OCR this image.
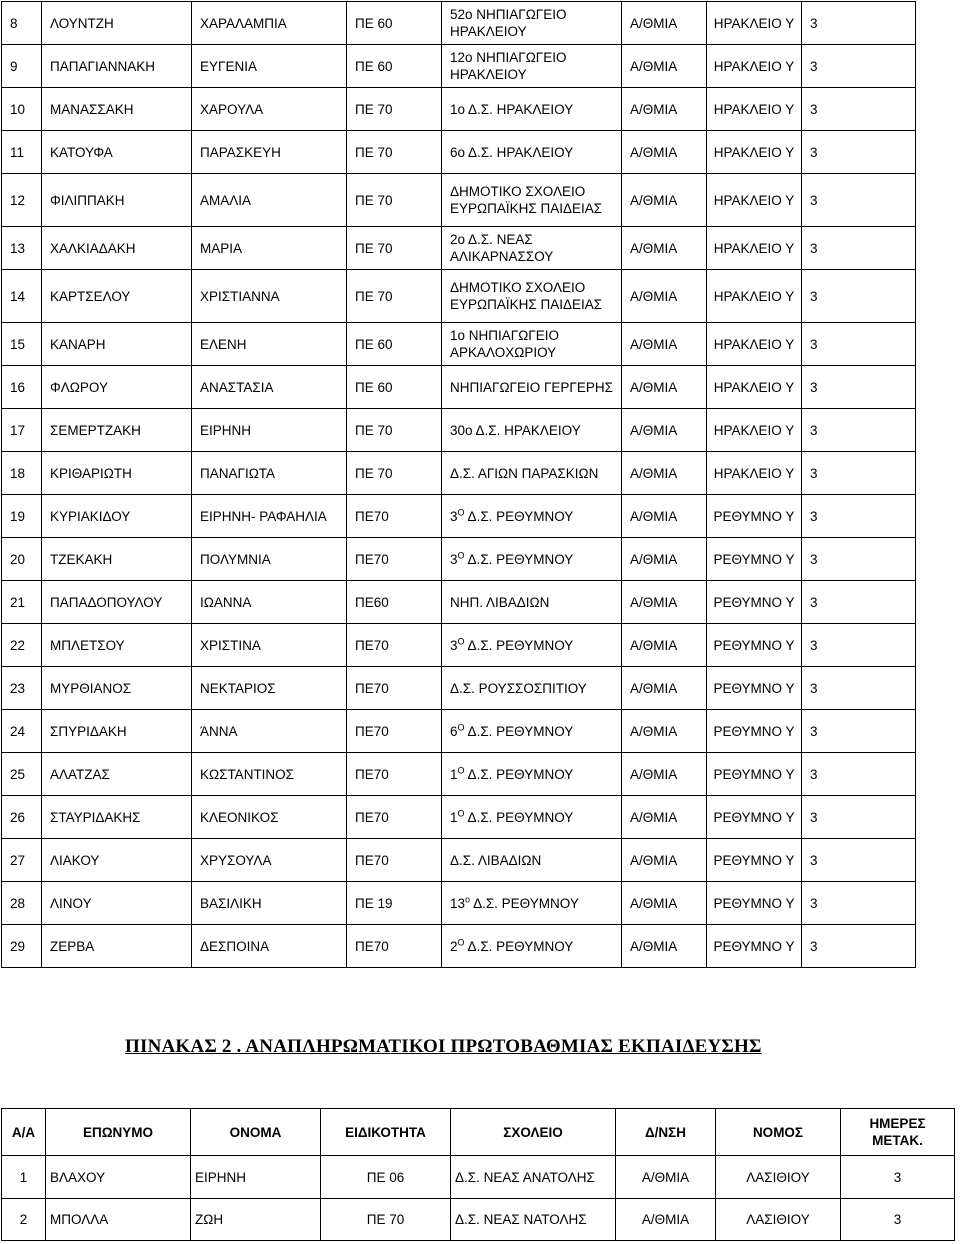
8	ΛΟΥΝΤΖΗ	ΧΑΡΑΛΑΜΠΙΑ	ΠΕ 60	52ο ΝΗΠΙΑΓΩΓΕΙΟ ΗΡΑΚΛΕΙΟΥ	Α/ΘΜΙΑ	ΗΡΑΚΛΕΙΟ Υ	3
9	ΠΑΠΑΓΙΑΝΝΑΚΗ	ΕΥΓΕΝΙΑ	ΠΕ 60	12ο ΝΗΠΙΑΓΩΓΕΙΟ ΗΡΑΚΛΕΙΟΥ	Α/ΘΜΙΑ	ΗΡΑΚΛΕΙΟ Υ	3
10	ΜΑΝΑΣΣΑΚΗ	ΧΑΡΟΥΛΑ	ΠΕ 70	1ο Δ.Σ. ΗΡΑΚΛΕΙΟΥ	Α/ΘΜΙΑ	ΗΡΑΚΛΕΙΟ Υ	3
11	ΚΑΤΟΥΦΑ	ΠΑΡΑΣΚΕΥΗ	ΠΕ 70	6ο Δ.Σ. ΗΡΑΚΛΕΙΟΥ	Α/ΘΜΙΑ	ΗΡΑΚΛΕΙΟ Υ	3
12	ΦΙΛΙΠΠΑΚΗ	ΑΜΑΛΙΑ	ΠΕ 70	ΔΗΜΟΤΙΚΟ ΣΧΟΛΕΙΟ ΕΥΡΩΠΑΪΚΗΣ ΠΑΙΔΕΙΑΣ	Α/ΘΜΙΑ	ΗΡΑΚΛΕΙΟ Υ	3
13	ΧΑΛΚΙΑΔΑΚΗ	ΜΑΡΙΑ	ΠΕ 70	2ο Δ.Σ. ΝΕΑΣ ΑΛΙΚΑΡΝΑΣΣΟΥ	Α/ΘΜΙΑ	ΗΡΑΚΛΕΙΟ Υ	3
14	ΚΑΡΤΣΕΛΟΥ	ΧΡΙΣΤΙΑΝΝΑ	ΠΕ 70	ΔΗΜΟΤΙΚΟ ΣΧΟΛΕΙΟ ΕΥΡΩΠΑΪΚΗΣ ΠΑΙΔΕΙΑΣ	Α/ΘΜΙΑ	ΗΡΑΚΛΕΙΟ Υ	3
15	ΚΑΝΑΡΗ	ΕΛΕΝΗ	ΠΕ 60	1ο ΝΗΠΙΑΓΩΓΕΙΟ ΑΡΚΑΛΟΧΩΡΙΟΥ	Α/ΘΜΙΑ	ΗΡΑΚΛΕΙΟ Υ	3
16	ΦΛΩΡΟΥ	ΑΝΑΣΤΑΣΙΑ	ΠΕ 60	ΝΗΠΙΑΓΩΓΕΙΟ ΓΕΡΓΕΡΗΣ	Α/ΘΜΙΑ	ΗΡΑΚΛΕΙΟ Υ	3
17	ΣΕΜΕΡΤΖΑΚΗ	ΕΙΡΗΝΗ	ΠΕ 70	30ο Δ.Σ. ΗΡΑΚΛΕΙΟΥ	Α/ΘΜΙΑ	ΗΡΑΚΛΕΙΟ Υ	3
18	ΚΡΙΘΑΡΙΩΤΗ	ΠΑΝΑΓΙΩΤΑ	ΠΕ 70	Δ.Σ. ΑΓΙΩΝ ΠΑΡΑΣΚΙΩΝ	Α/ΘΜΙΑ	ΗΡΑΚΛΕΙΟ Υ	3
19	ΚΥΡΙΑΚΙΔΟΥ	ΕΙΡΗΝΗ- ΡΑΦΑΗΛΙΑ	ΠΕ70	$3^O$ Δ.Σ. ΡΕΘΥΜΝΟΥ	Α/ΘΜΙΑ	ΡΕΘΥΜΝΟ Υ	3
20	ΤΖΕΚΑΚΗ	ΠΟΛΥΜΝΙΑ	ΠΕ70	$3^O$ Δ.Σ. ΡΕΘΥΜΝΟΥ	Α/ΘΜΙΑ	ΡΕΘΥΜΝΟ Υ	3
21	ΠΑΠΑΔΟΠΟΥΛΟΥ	ΙΩΑΝΝΑ	ΠΕ60	ΝΗΠ. ΛΙΒΑΔΙΩΝ	Α/ΘΜΙΑ	ΡΕΘΥΜΝΟ Υ	3
22	ΜΠΛΕΤΣΟΥ	ΧΡΙΣΤΙΝΑ	ΠΕ70	$3^O$ Δ.Σ. ΡΕΘΥΜΝΟΥ	Α/ΘΜΙΑ	ΡΕΘΥΜΝΟ Υ	3
23	ΜΥΡΘΙΑΝΟΣ	ΝΕΚΤΑΡΙΟΣ	ΠΕ70	Δ.Σ. ΡΟΥΣΣΟΣΠΙΤΙΟΥ	Α/ΘΜΙΑ	ΡΕΘΥΜΝΟ Υ	3
24	ΣΠΥΡΙΔΑΚΗ	ΆΝΝΑ	ΠΕ70	$6^O$ Δ.Σ. ΡΕΘΥΜΝΟΥ	Α/ΘΜΙΑ	ΡΕΘΥΜΝΟ Υ	3
25	ΑΛΑΤΖΑΣ	ΚΩΣΤΑΝΤΙΝΟΣ	ΠΕ70	$1^O$ Δ.Σ. ΡΕΘΥΜΝΟΥ	Α/ΘΜΙΑ	ΡΕΘΥΜΝΟ Υ	3
26	ΣΤΑΥΡΙΔΑΚΗΣ	ΚΛΕΟΝΙΚΟΣ	ΠΕ70	$1^O$ Δ.Σ. ΡΕΘΥΜΝΟΥ	Α/ΘΜΙΑ	ΡΕΘΥΜΝΟ Υ	3
27	ΛΙΑΚΟΥ	ΧΡΥΣΟΥΛΑ	ΠΕ70	Δ.Σ. ΛΙΒΑΔΙΩΝ	Α/ΘΜΙΑ	ΡΕΘΥΜΝΟ Υ	3
28	ΛΙΝΟΥ	ΒΑΣΙΛΙΚΗ	ΠΕ 19	$13^o$ Δ.Σ. ΡΕΘΥΜΝΟΥ	Α/ΘΜΙΑ	ΡΕΘΥΜΝΟ Υ	3
29	ΖΕΡΒΑ	ΔΕΣΠΟΙΝΑ	ΠΕ70	$2^O$ Δ.Σ. ΡΕΘΥΜΝΟΥ	Α/ΘΜΙΑ	ΡΕΘΥΜΝΟ Υ	3
ΠΙΝΑΚΑΣ 2 . ΑΝΑΠΛΗΡΩΜΑΤΙΚΟΙ ΠΡΩΤΟΒΑΘΜΙΑΣ ΕΚΠΑΙΔΕΥΣΗΣ
Α/Α	ΕΠΩΝΥΜΟ	ΟΝΟΜΑ	ΕΙΔΙΚΟΤΗΤΑ	ΣΧΟΛΕΙΟ	Δ/ΝΣΗ	ΝΟΜΟΣ	ΗΜΕΡΕΣ ΜΕΤΑΚ.
1	ΒΛΑΧΟΥ	ΕΙΡΗΝΗ	ΠΕ 06	Δ.Σ. ΝΕΑΣ ΑΝΑΤΟΛΗΣ	Α/ΘΜΙΑ	ΛΑΣΙΘΙΟΥ	3
2	ΜΠΟΛΛΑ	ΖΩΗ	ΠΕ 70	Δ.Σ. ΝΕΑΣ ΝΑΤΟΛΗΣ	Α/ΘΜΙΑ	ΛΑΣΙΘΙΟΥ	3
